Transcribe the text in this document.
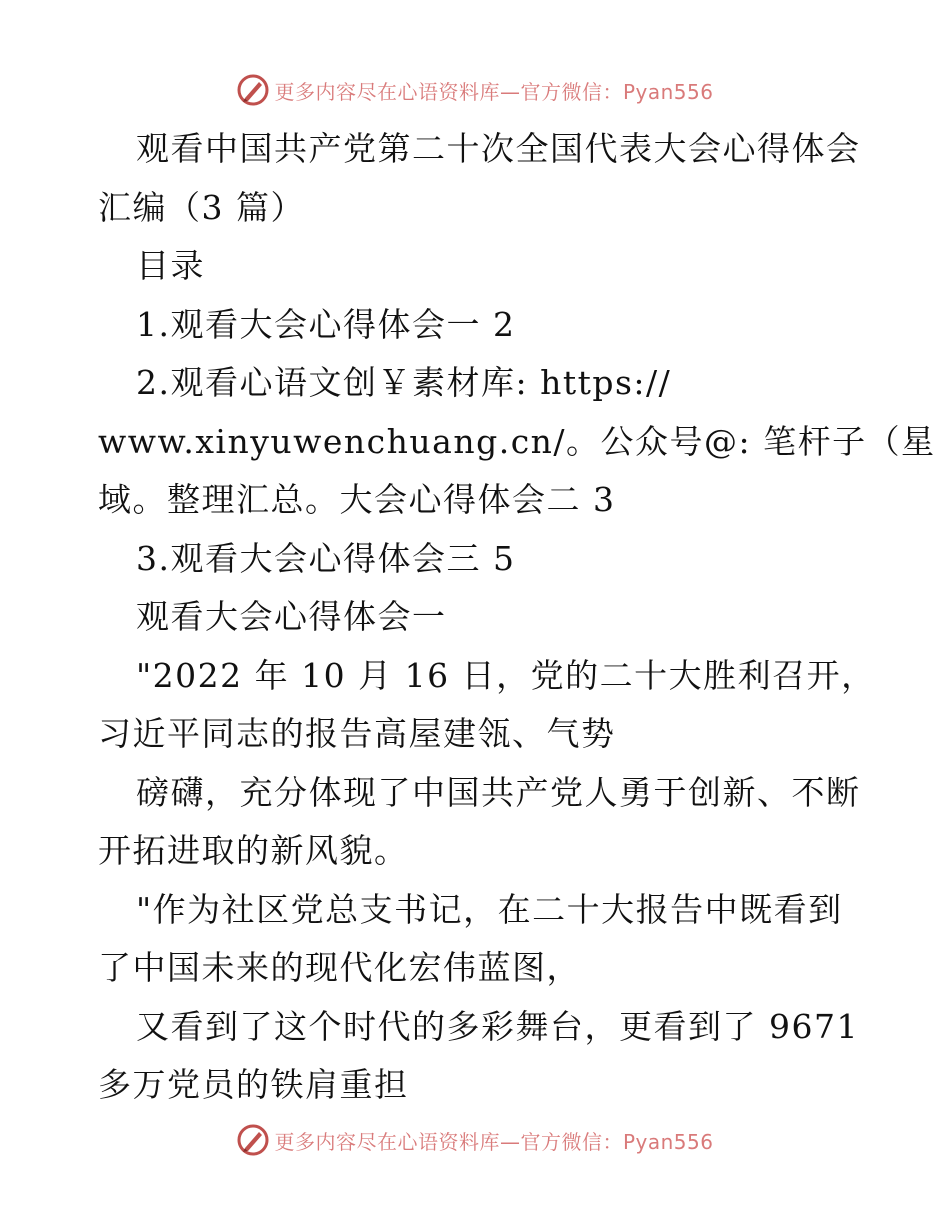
更多内容尽在心语资料库—官方微信：Pyan556
观看中国共产党第二十次全国代表大会心得体会
汇编（3 篇）
目录
1.观看大会心得体会一 2
2.观看心语文创￥素材库: https://
www.xinyuwenchuang.cn/。公众号@: 笔杆子（星
域。整理汇总。大会心得体会二 3
3.观看大会心得体会三 5
观看大会心得体会一
"2022 年 10 月 16 日，党的二十大胜利召开，
习近平同志的报告高屋建瓴、气势
磅礴，充分体现了中国共产党人勇于创新、不断
开拓进取的新风貌。
"作为社区党总支书记，在二十大报告中既看到
了中国未来的现代化宏伟蓝图，
又看到了这个时代的多彩舞台，更看到了 9671
多万党员的铁肩重担
更多内容尽在心语资料库—官方微信：Pyan556
